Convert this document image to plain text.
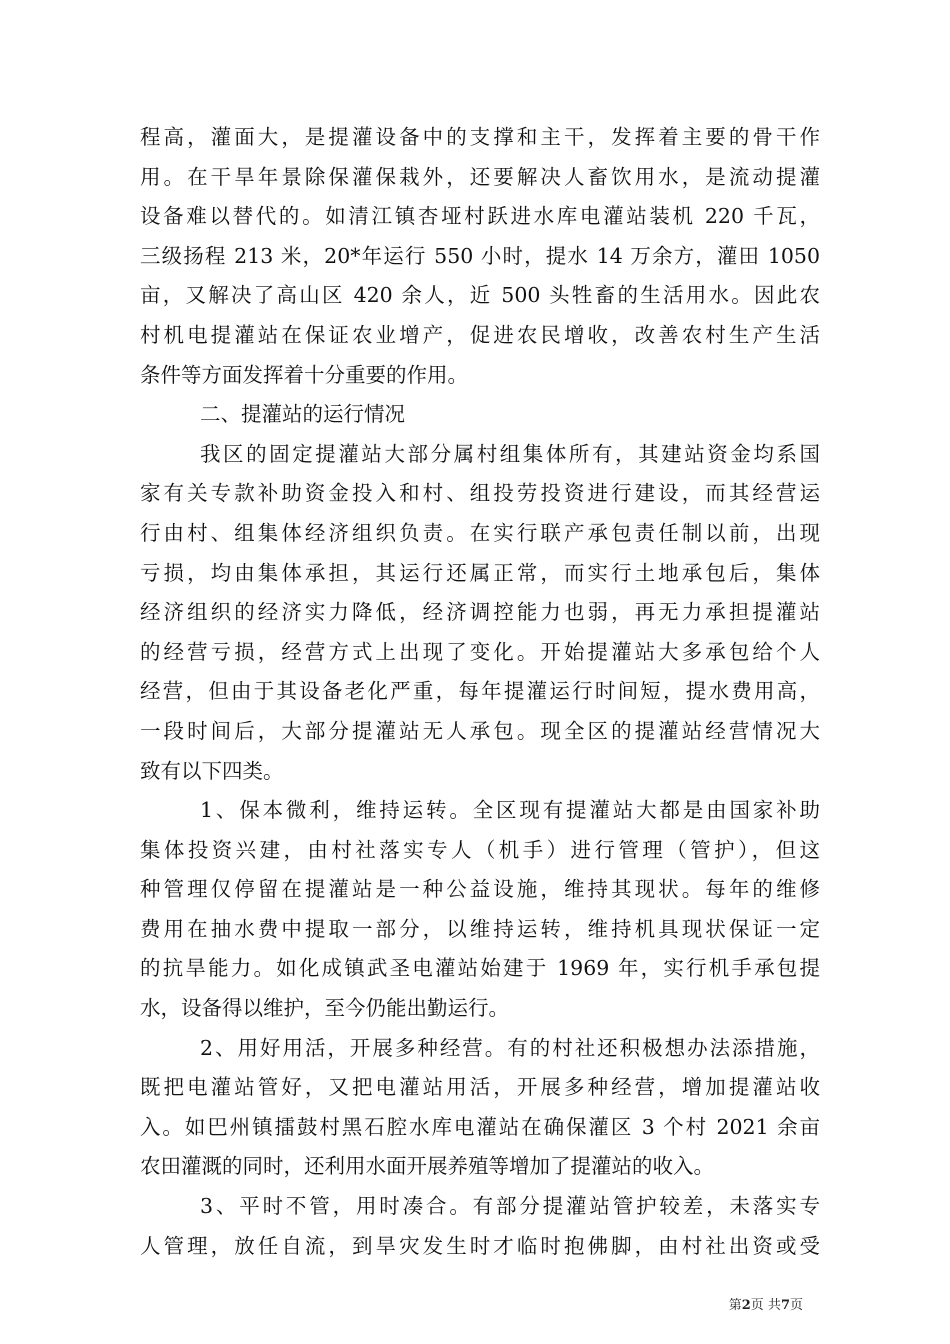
程高，灌面大，是提灌设备中的支撑和主干，发挥着主要的骨干作
用。在干旱年景除保灌保栽外，还要解决人畜饮用水，是流动提灌
设备难以替代的。如清江镇杏垭村跃进水库电灌站装机 220 千瓦，
三级扬程 213 米，20*年运行 550 小时，提水 14 万余方，灌田 1050
亩，又解决了高山区 420 余人，近 500 头牲畜的生活用水。因此农
村机电提灌站在保证农业增产，促进农民增收，改善农村生产生活
条件等方面发挥着十分重要的作用。
二、提灌站的运行情况
我区的固定提灌站大部分属村组集体所有，其建站资金均系国
家有关专款补助资金投入和村、组投劳投资进行建设，而其经营运
行由村、组集体经济组织负责。在实行联产承包责任制以前，出现
亏损，均由集体承担，其运行还属正常，而实行土地承包后，集体
经济组织的经济实力降低，经济调控能力也弱，再无力承担提灌站
的经营亏损，经营方式上出现了变化。开始提灌站大多承包给个人
经营，但由于其设备老化严重，每年提灌运行时间短，提水费用高，
一段时间后，大部分提灌站无人承包。现全区的提灌站经营情况大
致有以下四类。
1、保本微利，维持运转。全区现有提灌站大都是由国家补助
集体投资兴建，由村社落实专人（机手）进行管理（管护），但这
种管理仅停留在提灌站是一种公益设施，维持其现状。每年的维修
费用在抽水费中提取一部分，以维持运转，维持机具现状保证一定
的抗旱能力。如化成镇武圣电灌站始建于 1969 年，实行机手承包提
水，设备得以维护，至今仍能出勤运行。
2、用好用活，开展多种经营。有的村社还积极想办法添措施，
既把电灌站管好，又把电灌站用活，开展多种经营，增加提灌站收
入。如巴州镇擂鼓村黑石腔水库电灌站在确保灌区 3 个村 2021 余亩
农田灌溉的同时，还利用水面开展养殖等增加了提灌站的收入。
3、平时不管，用时凑合。有部分提灌站管护较差，未落实专
人管理，放任自流，到旱灾发生时才临时抱佛脚，由村社出资或受
第2页 共7页
